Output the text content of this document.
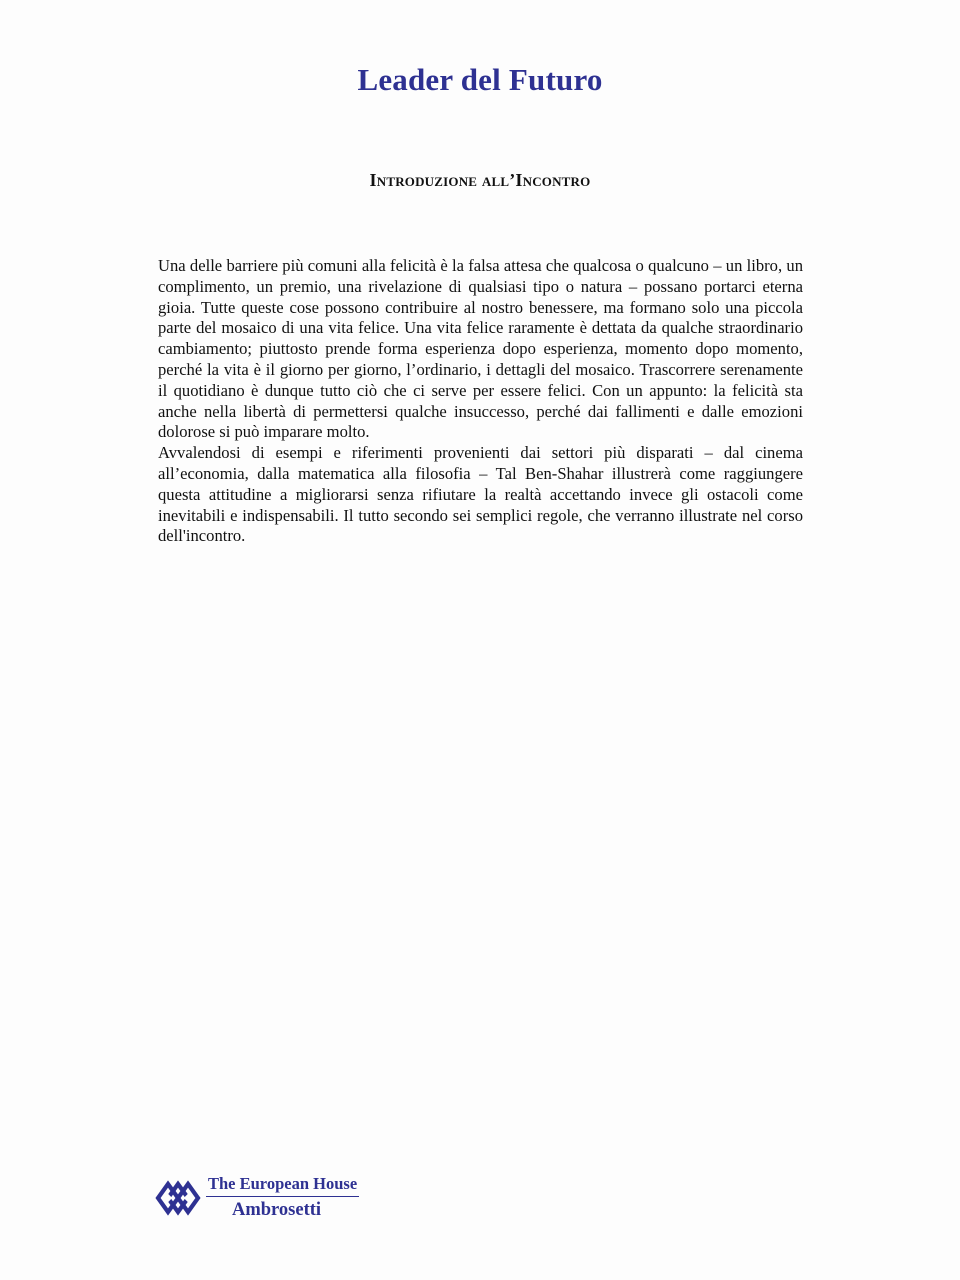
Leader del Futuro
Introduzione all’Incontro

Una delle barriere più comuni alla felicità è la falsa attesa che qualcosa o qualcuno – un libro, un complimento, un premio, una rivelazione di qualsiasi tipo o natura – possano portarci eterna gioia. Tutte queste cose possono contribuire al nostro benessere, ma formano solo una piccola parte del mosaico di una vita felice. Una vita felice raramente è dettata da qualche straordinario cambiamento; piuttosto prende forma esperienza dopo esperienza, momento dopo momento, perché la vita è il giorno per giorno, l’ordinario, i dettagli del mosaico. Trascorrere serenamente il quotidiano è dunque tutto ciò che ci serve per essere felici. Con un appunto: la felicità sta anche nella libertà di permettersi qualche insuccesso, perché dai fallimenti e dalle emozioni dolorose si può imparare molto.

Avvalendosi di esempi e riferimenti provenienti dai settori più disparati – dal cinema all’economia, dalla matematica alla filosofia – Tal Ben-Shahar illustrerà come raggiungere questa attitudine a migliorarsi senza rifiutare la realtà accettando invece gli ostacoli come inevitabili e indispensabili. Il tutto secondo sei semplici regole, che verranno illustrate nel corso dell'incontro.

The European House
Ambrosetti
